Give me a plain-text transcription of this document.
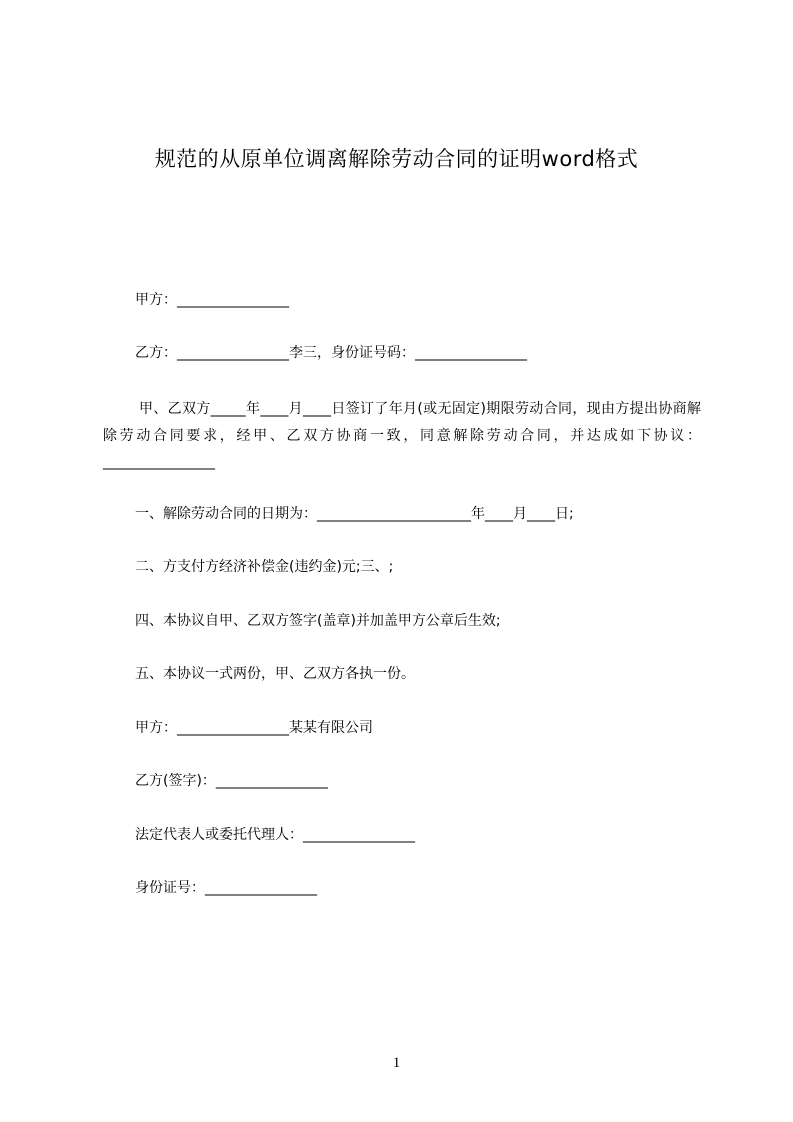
规范的从原单位调离解除劳动合同的证明word格式
甲方：________________
乙方：________________李三，身份证号码：________________
甲、乙双方_____年____月____日签订了年月(或无固定)期限劳动合同，现由方提出协商解除劳动合同要求，经甲、乙双方协商一致，同意解除劳动合同，并达成如下协议：________________
一、解除劳动合同的日期为：______________________年____月____日;
二、方支付方经济补偿金(违约金)元;三、;
四、本协议自甲、乙双方签字(盖章)并加盖甲方公章后生效;
五、本协议一式两份，甲、乙双方各执一份。
甲方：________________某某有限公司
乙方(签字)：________________
法定代表人或委托代理人：________________
身份证号：________________
1
